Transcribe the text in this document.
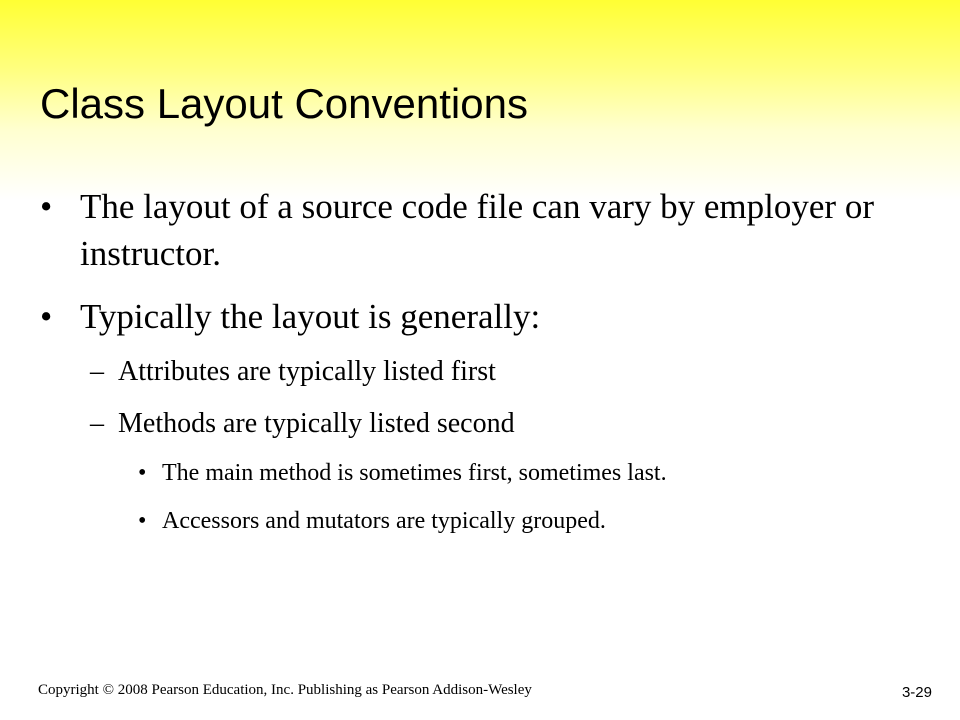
Class Layout Conventions
• The layout of a source code file can vary by employer or instructor.
• Typically the layout is generally:
– Attributes are typically listed first
– Methods are typically listed second
• The main method is sometimes first, sometimes last.
• Accessors and mutators are typically grouped.
Copyright © 2008 Pearson Education, Inc. Publishing as Pearson Addison-Wesley	3-29
